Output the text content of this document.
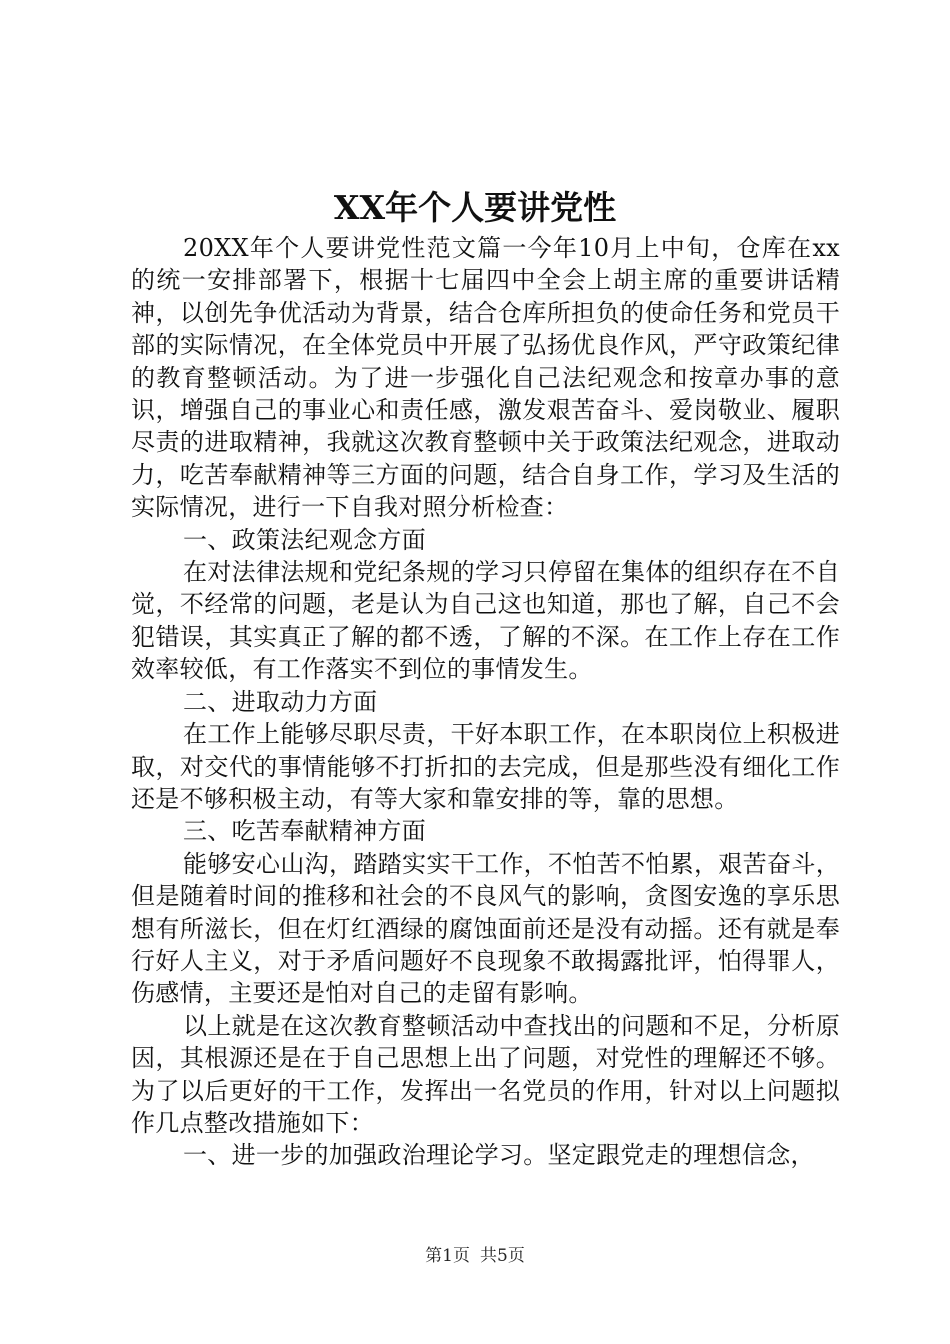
XX年个人要讲党性

20XX年个人要讲党性范文篇一今年10月上中旬，仓库在xx的统一安排部署下，根据十七届四中全会上胡主席的重要讲话精神，以创先争优活动为背景，结合仓库所担负的使命任务和党员干部的实际情况，在全体党员中开展了弘扬优良作风，严守政策纪律的教育整顿活动。为了进一步强化自己法纪观念和按章办事的意识，增强自己的事业心和责任感，激发艰苦奋斗、爱岗敬业、履职尽责的进取精神，我就这次教育整顿中关于政策法纪观念，进取动力，吃苦奉献精神等三方面的问题，结合自身工作，学习及生活的实际情况，进行一下自我对照分析检查：

一、政策法纪观念方面

在对法律法规和党纪条规的学习只停留在集体的组织存在不自觉，不经常的问题，老是认为自己这也知道，那也了解，自己不会犯错误，其实真正了解的都不透，了解的不深。在工作上存在工作效率较低，有工作落实不到位的事情发生。

二、进取动力方面

在工作上能够尽职尽责，干好本职工作，在本职岗位上积极进取，对交代的事情能够不打折扣的去完成，但是那些没有细化工作还是不够积极主动，有等大家和靠安排的等，靠的思想。

三、吃苦奉献精神方面

能够安心山沟，踏踏实实干工作，不怕苦不怕累，艰苦奋斗，但是随着时间的推移和社会的不良风气的影响，贪图安逸的享乐思想有所滋长，但在灯红酒绿的腐蚀面前还是没有动摇。还有就是奉行好人主义，对于矛盾问题好不良现象不敢揭露批评，怕得罪人，伤感情，主要还是怕对自己的走留有影响。

以上就是在这次教育整顿活动中查找出的问题和不足，分析原因，其根源还是在于自己思想上出了问题，对党性的理解还不够。为了以后更好的干工作，发挥出一名党员的作用，针对以上问题拟作几点整改措施如下：

一、进一步的加强政治理论学习。坚定跟党走的理想信念，

第1页 共5页
